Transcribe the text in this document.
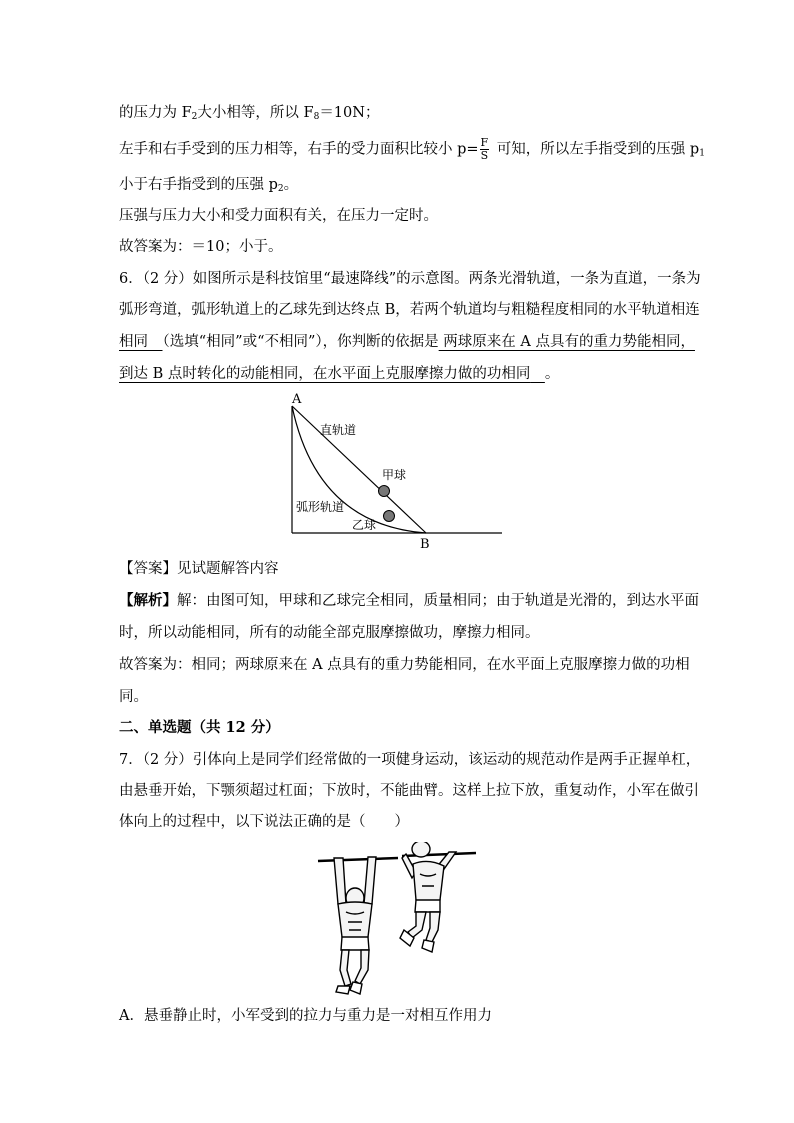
的压力为 $F_2$大小相等，所以 $F_8=10N$；
左手和右手受到的压力相等，右手的受力面积比较小 $p= \frac{F}{S}$ 可知，所以左手指受到的压强 $p_1$
小于右手指受到的压强 $p_2$。
压强与压力大小和受力面积有关，在压力一定时。
故答案为：＝10；小于。
6．（2 分）如图所示是科技馆里“最速降线”的示意图。两条光滑轨道，一条为直道，一条为
弧形弯道，弧形轨道上的乙球先到达终点 B，若两个轨道均与粗糙程度相同的水平轨道相连
相同　 （选填“相同”或“不相同”），你判断的依据是 两球原来在 A 点具有的重力势能相同，
到达 B 点时转化的动能相同，在水平面上克服摩擦力做的功相同　 。
A
B
直轨道
甲球
弧形轨道
乙球
【答案】见试题解答内容
【解析】解：由图可知，甲球和乙球完全相同，质量相同；由于轨道是光滑的，到达水平面
时，所以动能相同，所有的动能全部克服摩擦做功，摩擦力相同。
故答案为：相同；两球原来在 A 点具有的重力势能相同，在水平面上克服摩擦力做的功相
同。
二、单选题（共 12 分）
7．（2 分）引体向上是同学们经常做的一项健身运动，该运动的规范动作是两手正握单杠，
由悬垂开始，下颚须超过杠面；下放时，不能曲臂。这样上拉下放，重复动作，小军在做引
体向上的过程中，以下说法正确的是（　　）
A．悬垂静止时，小军受到的拉力与重力是一对相互作用力
